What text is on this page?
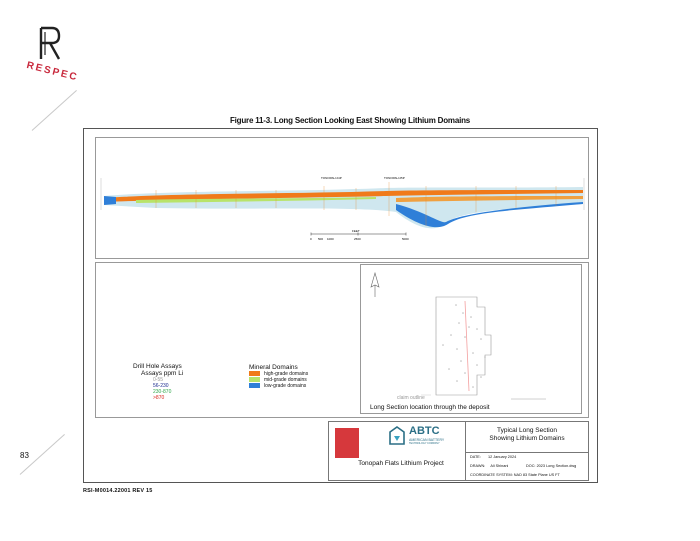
RESPEC
Figure 11-3. Long Section Looking East Showing Lithium Domains
TONOPAH 24P	TONOPAH 25P
FEET
0 500 1000	2500	5000
Drill Hole Assays
Assays ppm Li
0-55
56-230
230-870
>870
Mineral Domains
high-grade domains
mid-grade domains
low-grade domains
claim outline
Long Section location through the deposit
ABTC
AMERICAN BATTERY
TECHNOLOGY COMPANY
Typical Long Section
Showing Lithium Domains
Tonopah Flats Lithium Project
DATE: 12 January 2024
DRAWN: Ali Shinani	DOC: 2023 Long Section.dwg
COORDINATE SYSTEM: NAD 83 State Plane US FT
83
RSI-M0014.22001 REV 15
